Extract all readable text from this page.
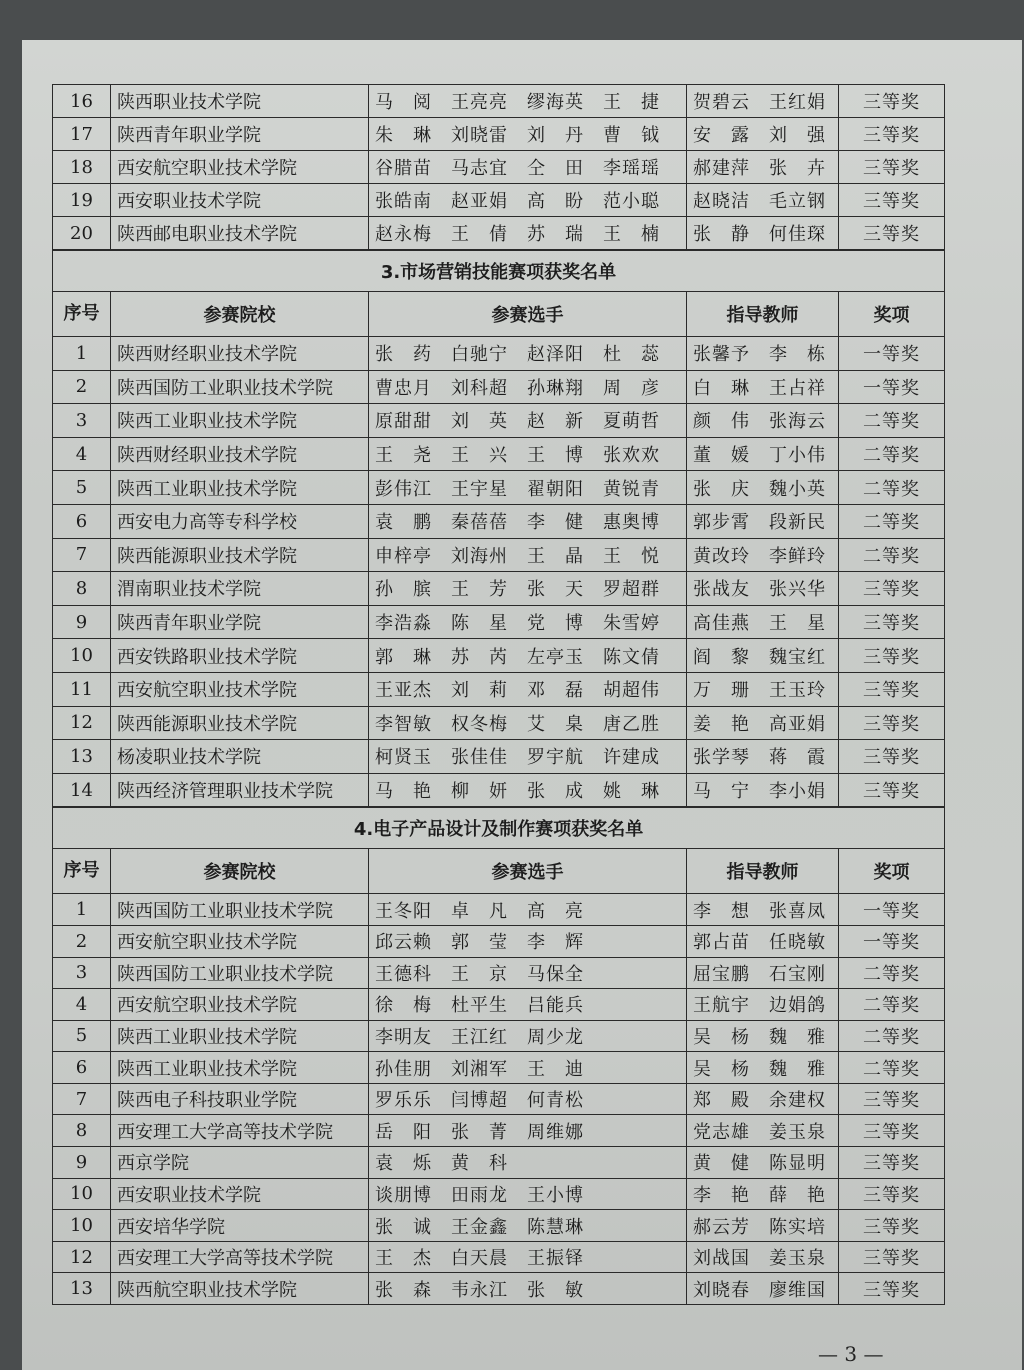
16	陕西职业技术学院	马　阅　王亮亮　缪海英　王　捷	贺碧云　王红娟	三等奖
17	陕西青年职业学院	朱　琳　刘晓雷　刘　丹　曹　钺	安　露　刘　强	三等奖
18	西安航空职业技术学院	谷腊苗　马志宜　仝　田　李瑶瑶	郝建萍　张　卉	三等奖
19	西安职业技术学院	张皓南　赵亚娟　高　盼　范小聪	赵晓洁　毛立钢	三等奖
20	陕西邮电职业技术学院	赵永梅　王　倩　苏　瑞　王　楠	张　静　何佳琛	三等奖
3.市场营销技能赛项获奖名单				
序号	参赛院校	参赛选手	指导教师	奖项
1	陕西财经职业技术学院	张　药　白驰宁　赵泽阳　杜　蕊	张馨予　李　栋	一等奖
2	陕西国防工业职业技术学院	曹忠月　刘科超　孙琳翔　周　彦	白　琳　王占祥	一等奖
3	陕西工业职业技术学院	原甜甜　刘　英　赵　新　夏萌哲	颜　伟　张海云	二等奖
4	陕西财经职业技术学院	王　尧　王　兴　王　博　张欢欢	董　媛　丁小伟	二等奖
5	陕西工业职业技术学院	彭伟江　王宇星　翟朝阳　黄锐青	张　庆　魏小英	二等奖
6	西安电力高等专科学校	袁　鹏　秦蓓蓓　李　健　惠奥博	郭步霄　段新民	二等奖
7	陕西能源职业技术学院	申梓亭　刘海州　王　晶　王　悦	黄改玲　李鲜玲	二等奖
8	渭南职业技术学院	孙　膑　王　芳　张　天　罗超群	张战友　张兴华	三等奖
9	陕西青年职业学院	李浩淼　陈　星　党　博　朱雪婷	高佳燕　王　星	三等奖
10	西安铁路职业技术学院	郭　琳　苏　芮　左亭玉　陈文倩	阎　黎　魏宝红	三等奖
11	西安航空职业技术学院	王亚杰　刘　莉　邓　磊　胡超伟	万　珊　王玉玲	三等奖
12	陕西能源职业技术学院	李智敏　权冬梅　艾　臬　唐乙胜	姜　艳　高亚娟	三等奖
13	杨凌职业技术学院	柯贤玉　张佳佳　罗宇航　许建成	张学琴　蒋　霞	三等奖
14	陕西经济管理职业技术学院	马　艳　柳　妍　张　成　姚　琳	马　宁　李小娟	三等奖
4.电子产品设计及制作赛项获奖名单				
序号	参赛院校	参赛选手	指导教师	奖项
1	陕西国防工业职业技术学院	王冬阳　卓　凡　高　亮	李　想　张喜凤	一等奖
2	西安航空职业技术学院	邱云赖　郭　莹　李　辉	郭占苗　任晓敏	一等奖
3	陕西国防工业职业技术学院	王德科　王　京　马保全	屈宝鹏　石宝刚	二等奖
4	西安航空职业技术学院	徐　梅　杜平生　吕能兵	王航宇　边娟鸽	二等奖
5	陕西工业职业技术学院	李明友　王江红　周少龙	吴　杨　魏　雅	二等奖
6	陕西工业职业技术学院	孙佳朋　刘湘军　王　迪	吴　杨　魏　雅	二等奖
7	陕西电子科技职业学院	罗乐乐　闫博超　何青松	郑　殿　余建权	三等奖
8	西安理工大学高等技术学院	岳　阳　张　菁　周维娜	党志雄　姜玉泉	三等奖
9	西京学院	袁　烁　黄　科	黄　健　陈显明	三等奖
10	西安职业技术学院	谈朋博　田雨龙　王小博	李　艳　薛　艳	三等奖
10	西安培华学院	张　诚　王金鑫　陈慧琳	郝云芳　陈实培	三等奖
12	西安理工大学高等技术学院	王　杰　白天晨　王振铎	刘战国　姜玉泉	三等奖
13	陕西航空职业技术学院	张　森　韦永江　张　敏	刘晓春　廖维国	三等奖
— 3 —
